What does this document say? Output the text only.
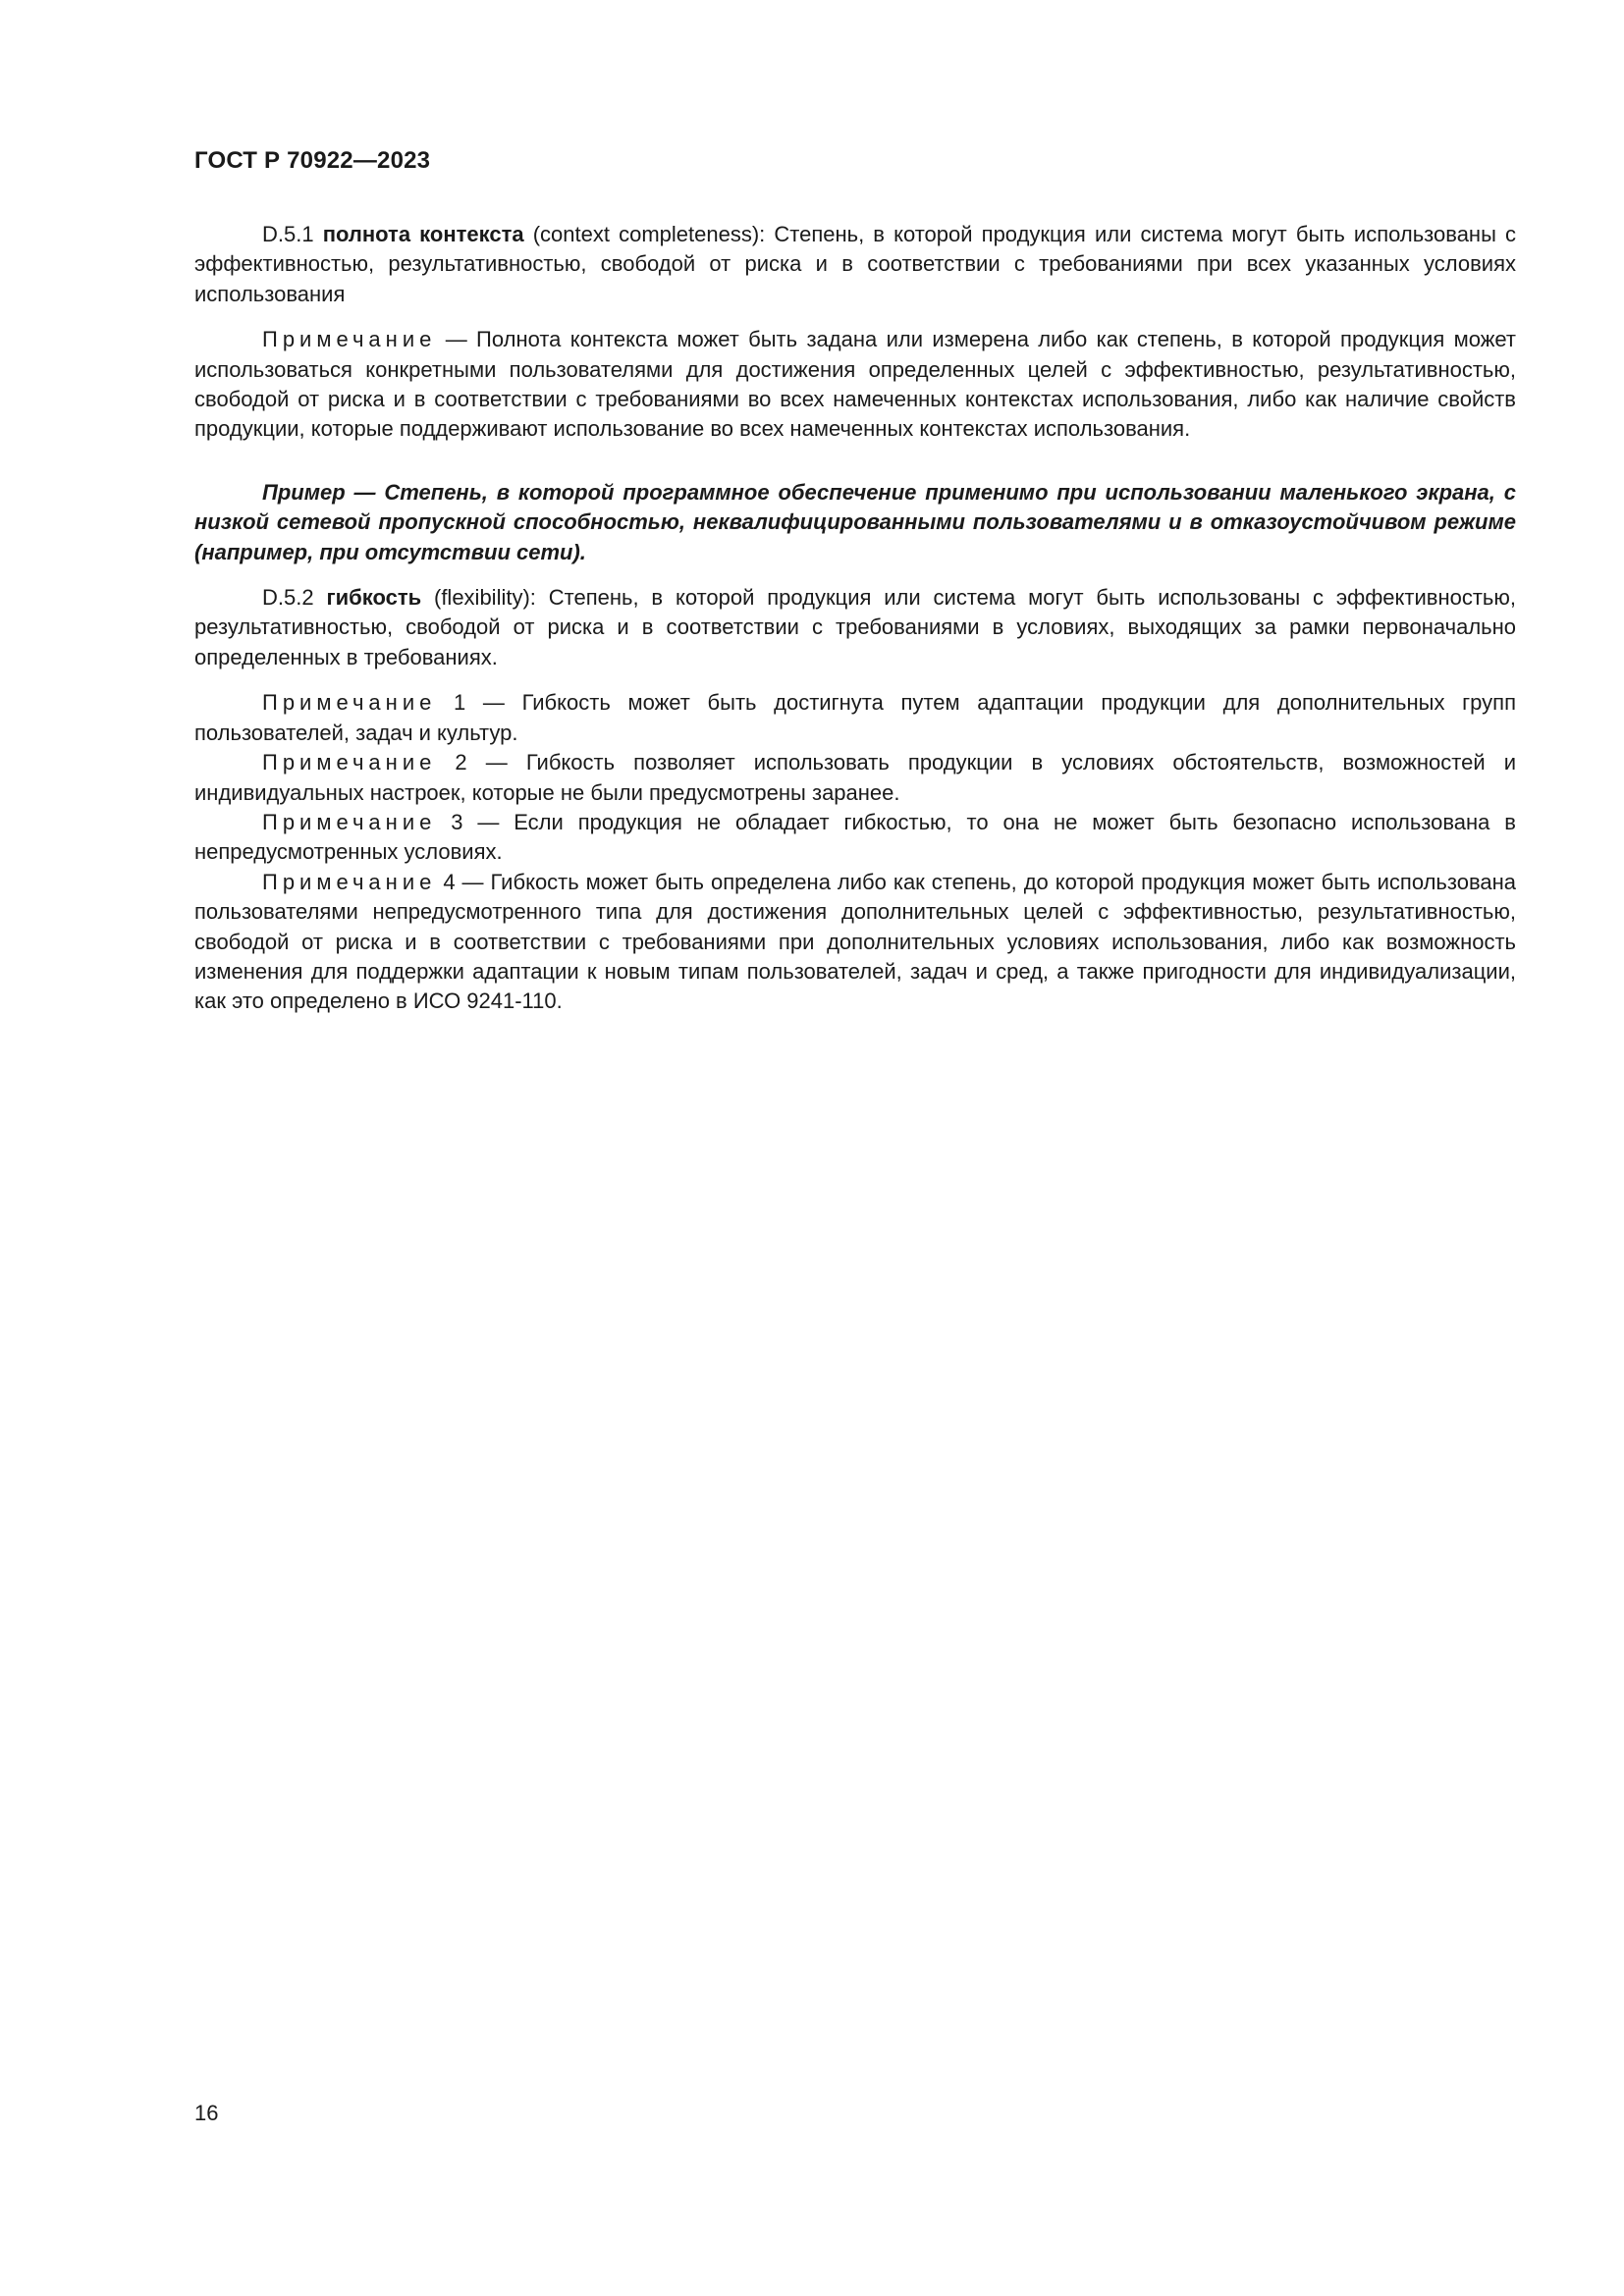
ГОСТ Р 70922—2023

D.5.1 полнота контекста (context completeness): Степень, в которой продукция или система могут быть использованы с эффективностью, результативностью, свободой от риска и в соответствии с требованиями при всех указанных условиях использования

Примечание — Полнота контекста может быть задана или измерена либо как степень, в которой продукция может использоваться конкретными пользователями для достижения определенных целей с эффективностью, результативностью, свободой от риска и в соответствии с требованиями во всех намеченных контекстах использования, либо как наличие свойств продукции, которые поддерживают использование во всех намеченных контекстах использования.

Пример — Степень, в которой программное обеспечение применимо при использовании маленького экрана, с низкой сетевой пропускной способностью, неквалифицированными пользователями и в отказоустойчивом режиме (например, при отсутствии сети).

D.5.2 гибкость (flexibility): Степень, в которой продукция или система могут быть использованы с эффективностью, результативностью, свободой от риска и в соответствии с требованиями в условиях, выходящих за рамки первоначально определенных в требованиях.

Примечание 1 — Гибкость может быть достигнута путем адаптации продукции для дополнительных групп пользователей, задач и культур.

Примечание 2 — Гибкость позволяет использовать продукции в условиях обстоятельств, возможностей и индивидуальных настроек, которые не были предусмотрены заранее.

Примечание 3 — Если продукция не обладает гибкостью, то она не может быть безопасно использована в непредусмотренных условиях.

Примечание 4 — Гибкость может быть определена либо как степень, до которой продукция может быть использована пользователями непредусмотренного типа для достижения дополнительных целей с эффективностью, результативностью, свободой от риска и в соответствии с требованиями при дополнительных условиях использования, либо как возможность изменения для поддержки адаптации к новым типам пользователей, задач и сред, а также пригодности для индивидуализации, как это определено в ИСО 9241-110.

16
